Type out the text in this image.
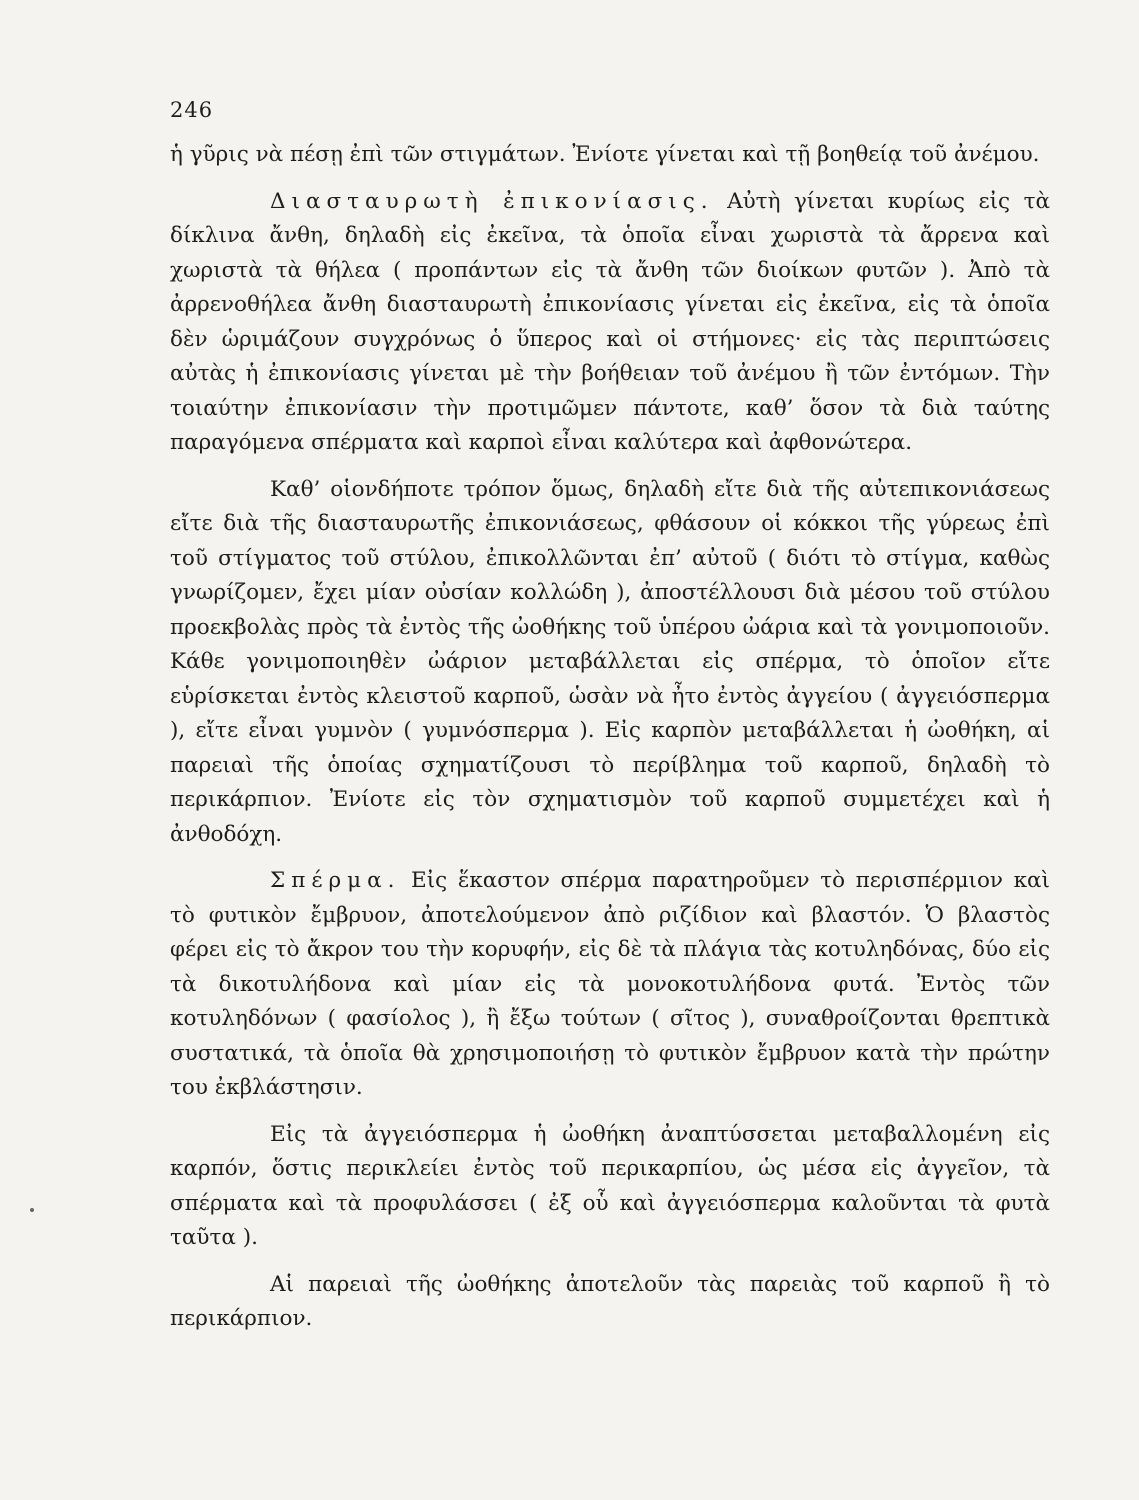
246

ἡ γῦρις νὰ πέσῃ ἐπὶ τῶν στιγμάτων. Ἐνίοτε γίνεται καὶ τῇ βοηθείᾳ τοῦ ἀνέμου.

Διασταυρωτὴ ἐπικονίασις. Αὐτὴ γίνεται κυρίως εἰς τὰ δίκλινα ἄνθη, δηλαδὴ εἰς ἐκεῖνα, τὰ ὁποῖα εἶναι χωριστὰ τὰ ἄρρενα καὶ χωριστὰ τὰ θήλεα ( προπάντων εἰς τὰ ἄνθη τῶν διοίκων φυτῶν ). Ἀπὸ τὰ ἀρρενοθήλεα ἄνθη διασταυρωτὴ ἐπικονίασις γίνεται εἰς ἐκεῖνα, εἰς τὰ ὁποῖα δὲν ὡριμάζουν συγχρόνως ὁ ὕπερος καὶ οἱ στήμονες· εἰς τὰς περιπτώσεις αὐτὰς ἡ ἐπικονίασις γίνεται μὲ τὴν βοήθειαν τοῦ ἀνέμου ἢ τῶν ἐντόμων. Τὴν τοιαύτην ἐπικονίασιν τὴν προτιμῶμεν πάντοτε, καθ’ ὅσον τὰ διὰ ταύτης παραγόμενα σπέρματα καὶ καρποὶ εἶναι καλύτερα καὶ ἀφθονώτερα.

Καθ’ οἱονδήποτε τρόπον ὅμως, δηλαδὴ εἴτε διὰ τῆς αὐτεπικονιάσεως εἴτε διὰ τῆς διασταυρωτῆς ἐπικονιάσεως, φθάσουν οἱ κόκκοι τῆς γύρεως ἐπὶ τοῦ στίγματος τοῦ στύλου, ἐπικολλῶνται ἐπ’ αὐτοῦ ( διότι τὸ στίγμα, καθὼς γνωρίζομεν, ἔχει μίαν οὐσίαν κολλώδη ), ἀποστέλλουσι διὰ μέσου τοῦ στύλου προεκβολὰς πρὸς τὰ ἐντὸς τῆς ὠοθήκης τοῦ ὑπέρου ὠάρια καὶ τὰ γονιμοποιοῦν. Κάθε γονιμοποιηθὲν ὠάριον μεταβάλλεται εἰς σπέρμα, τὸ ὁποῖον εἴτε εὑρίσκεται ἐντὸς κλειστοῦ καρποῦ, ὡσὰν νὰ ἦτο ἐντὸς ἀγγείου ( ἀγγειόσπερμα ), εἴτε εἶναι γυμνὸν ( γυμνόσπερμα ). Εἰς καρπὸν μεταβάλλεται ἡ ὠοθήκη, αἱ παρειαὶ τῆς ὁποίας σχηματίζουσι τὸ περίβλημα τοῦ καρποῦ, δηλαδὴ τὸ περικάρπιον. Ἐνίοτε εἰς τὸν σχηματισμὸν τοῦ καρποῦ συμμετέχει καὶ ἡ ἀνθοδόχη.

Σπέρμα. Εἰς ἕκαστον σπέρμα παρατηροῦμεν τὸ περισπέρμιον καὶ τὸ φυτικὸν ἔμβρυον, ἀποτελούμενον ἀπὸ ριζίδιον καὶ βλαστόν. Ὁ βλαστὸς φέρει εἰς τὸ ἄκρον του τὴν κορυφήν, εἰς δὲ τὰ πλάγια τὰς κοτυληδόνας, δύο εἰς τὰ δικοτυλήδονα καὶ μίαν εἰς τὰ μονοκοτυλήδονα φυτά. Ἐντὸς τῶν κοτυληδόνων ( φασίολος ), ἢ ἔξω τούτων ( σῖτος ), συναθροίζονται θρεπτικὰ συστατικά, τὰ ὁποῖα θὰ χρησιμοποιήσῃ τὸ φυτικὸν ἔμβρυον κατὰ τὴν πρώτην του ἐκβλάστησιν.

Εἰς τὰ ἀγγειόσπερμα ἡ ὠοθήκη ἀναπτύσσεται μεταβαλλομένη εἰς καρπόν, ὅστις περικλείει ἐντὸς τοῦ περικαρπίου, ὡς μέσα εἰς ἀγγεῖον, τὰ σπέρματα καὶ τὰ προφυλάσσει ( ἐξ οὗ καὶ ἀγγειόσπερμα καλοῦνται τὰ φυτὰ ταῦτα ).

Αἱ παρειαὶ τῆς ὠοθήκης ἀποτελοῦν τὰς παρειὰς τοῦ καρποῦ ἢ τὸ περικάρπιον.
